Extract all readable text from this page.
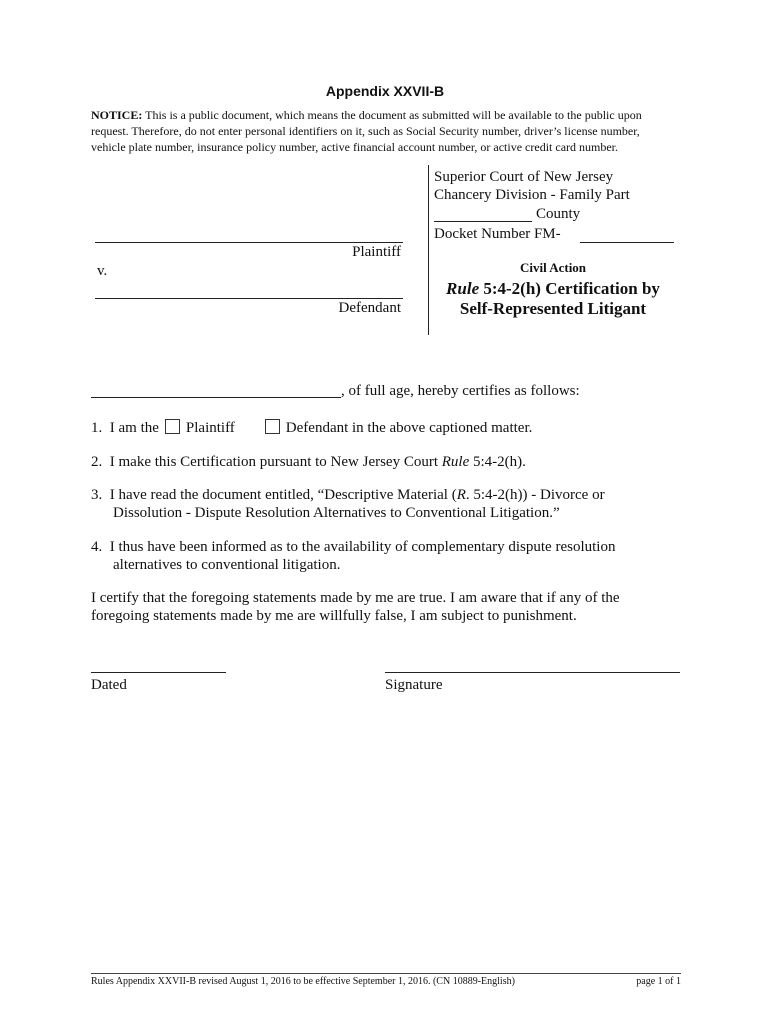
Appendix XXVII-B
NOTICE: This is a public document, which means the document as submitted will be available to the public upon
request. Therefore, do not enter personal identifiers on it, such as Social Security number, driver’s license number,
vehicle plate number, insurance policy number, active financial account number, or active credit card number.
Superior Court of New Jersey
Chancery Division - Family Part
County
Docket Number FM-
Plaintiff
v.
Defendant
Civil Action
Rule 5:4-2(h) Certification by
Self-Represented Litigant
, of full age, hereby certifies as follows:
1. I am the Plaintiff	Defendant in the above captioned matter.
2. I make this Certification pursuant to New Jersey Court Rule 5:4-2(h).
3. I have read the document entitled, “Descriptive Material (R. 5:4-2(h)) - Divorce or
Dissolution - Dispute Resolution Alternatives to Conventional Litigation.”
4. I thus have been informed as to the availability of complementary dispute resolution
alternatives to conventional litigation.
I certify that the foregoing statements made by me are true. I am aware that if any of the
foregoing statements made by me are willfully false, I am subject to punishment.
Dated	Signature
Rules Appendix XXVII-B revised August 1, 2016 to be effective September 1, 2016. (CN 10889-English)	page 1 of 1
